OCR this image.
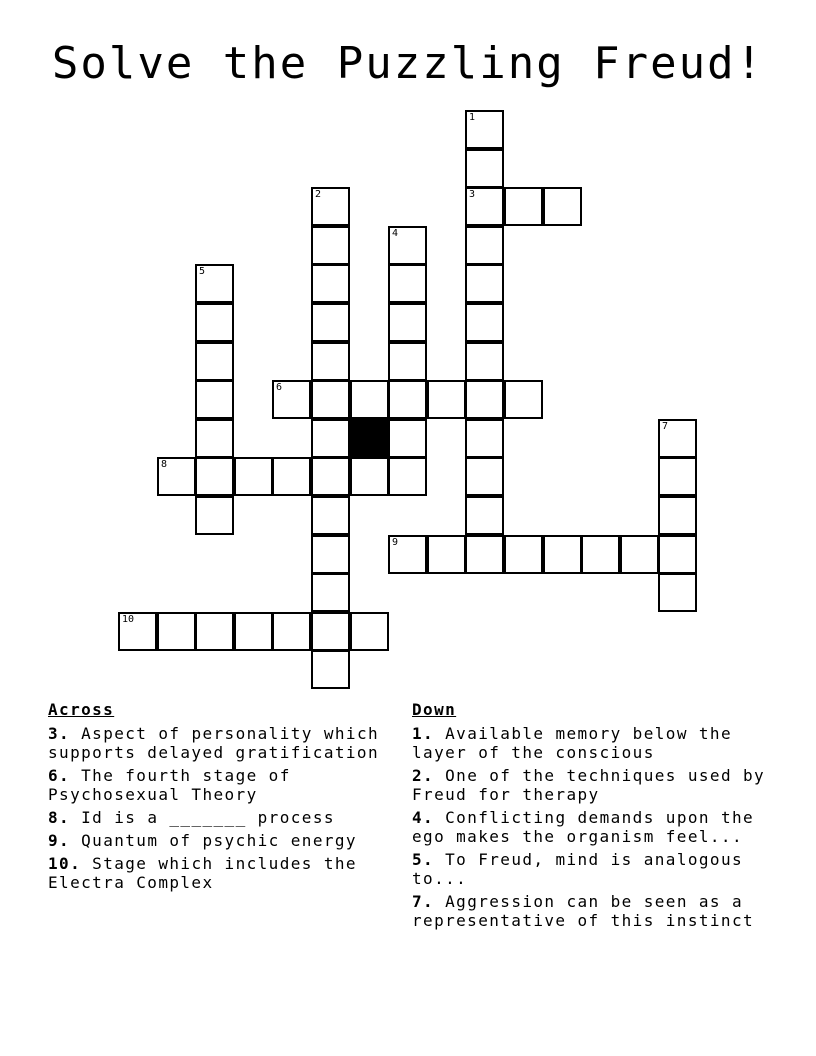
Solve the Puzzling Freud!
1
2	3
4
5
6
7
8
9
10
Across
3. Aspect of personality which supports delayed gratification
6. The fourth stage of Psychosexual Theory
8. Id is a _______ process
9. Quantum of psychic energy
10. Stage which includes the Electra Complex
Down
1. Available memory below the layer of the conscious
2. One of the techniques used by Freud for therapy
4. Conflicting demands upon the ego makes the organism feel...
5. To Freud, mind is analogous to...
7. Aggression can be seen as a representative of this instinct
